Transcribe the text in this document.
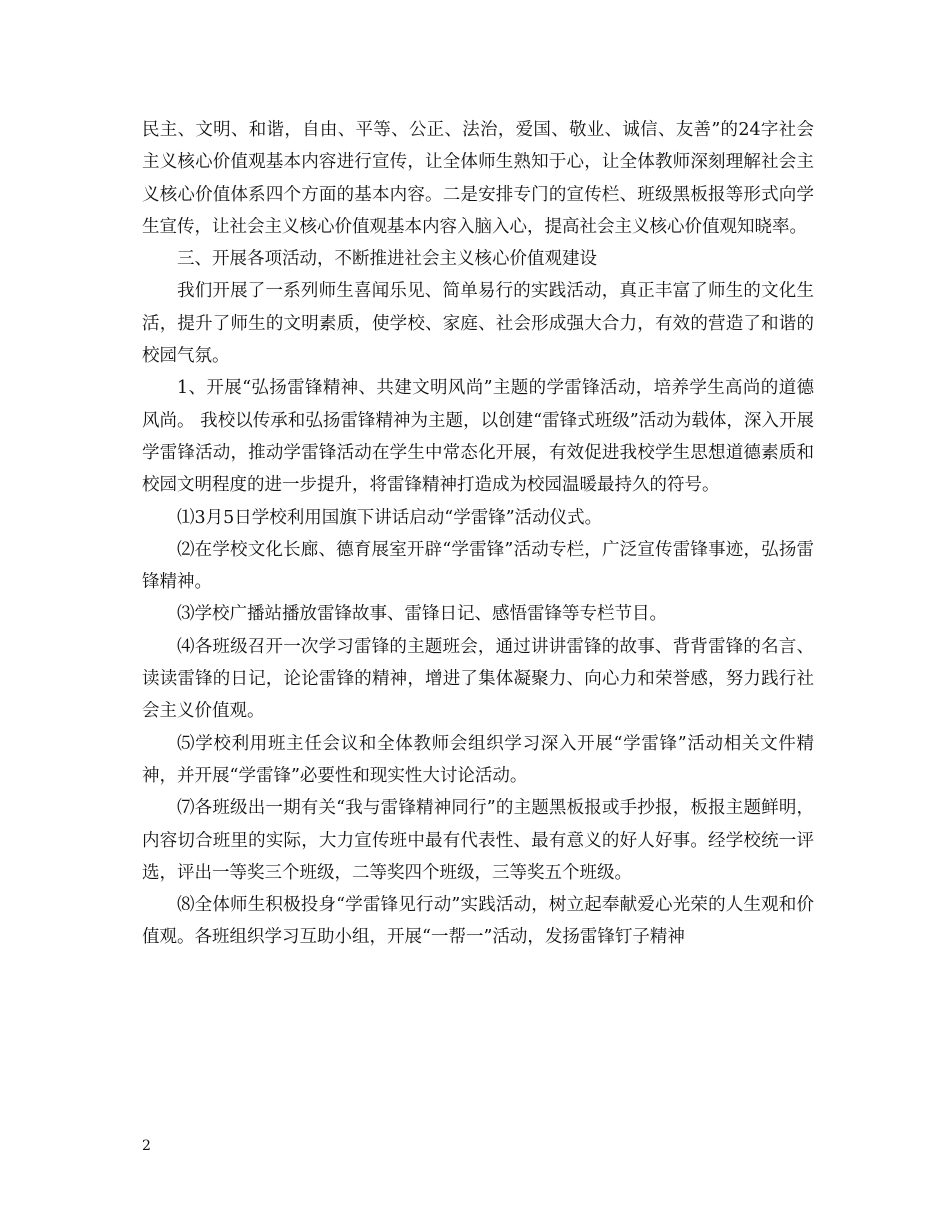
民主、文明、和谐，自由、平等、公正、法治，爱国、敬业、诚信、友善”的24字社会主义核心价值观基本内容进行宣传，让全体师生熟知于心，让全体教师深刻理解社会主义核心价值体系四个方面的基本内容。二是安排专门的宣传栏、班级黑板报等形式向学生宣传，让社会主义核心价值观基本内容入脑入心，提高社会主义核心价值观知晓率。

三、开展各项活动，不断推进社会主义核心价值观建设

我们开展了一系列师生喜闻乐见、简单易行的实践活动，真正丰富了师生的文化生活，提升了师生的文明素质，使学校、家庭、社会形成强大合力，有效的营造了和谐的校园气氛。

1、开展“弘扬雷锋精神、共建文明风尚”主题的学雷锋活动，培养学生高尚的道德风尚。 我校以传承和弘扬雷锋精神为主题，以创建“雷锋式班级”活动为载体，深入开展学雷锋活动，推动学雷锋活动在学生中常态化开展，有效促进我校学生思想道德素质和校园文明程度的进一步提升，将雷锋精神打造成为校园温暖最持久的符号。

⑴3月5日学校利用国旗下讲话启动“学雷锋”活动仪式。

⑵在学校文化长廊、德育展室开辟“学雷锋”活动专栏，广泛宣传雷锋事迹，弘扬雷锋精神。

⑶学校广播站播放雷锋故事、雷锋日记、感悟雷锋等专栏节目。

⑷各班级召开一次学习雷锋的主题班会，通过讲讲雷锋的故事、背背雷锋的名言、读读雷锋的日记，论论雷锋的精神，增进了集体凝聚力、向心力和荣誉感，努力践行社会主义价值观。

⑸学校利用班主任会议和全体教师会组织学习深入开展“学雷锋”活动相关文件精神，并开展“学雷锋”必要性和现实性大讨论活动。

⑺各班级出一期有关“我与雷锋精神同行”的主题黑板报或手抄报，板报主题鲜明，内容切合班里的实际，大力宣传班中最有代表性、最有意义的好人好事。经学校统一评选，评出一等奖三个班级，二等奖四个班级，三等奖五个班级。

⑻全体师生积极投身“学雷锋见行动”实践活动，树立起奉献爱心光荣的人生观和价值观。各班组织学习互助小组，开展“一帮一”活动，发扬雷锋钉子精神

2
